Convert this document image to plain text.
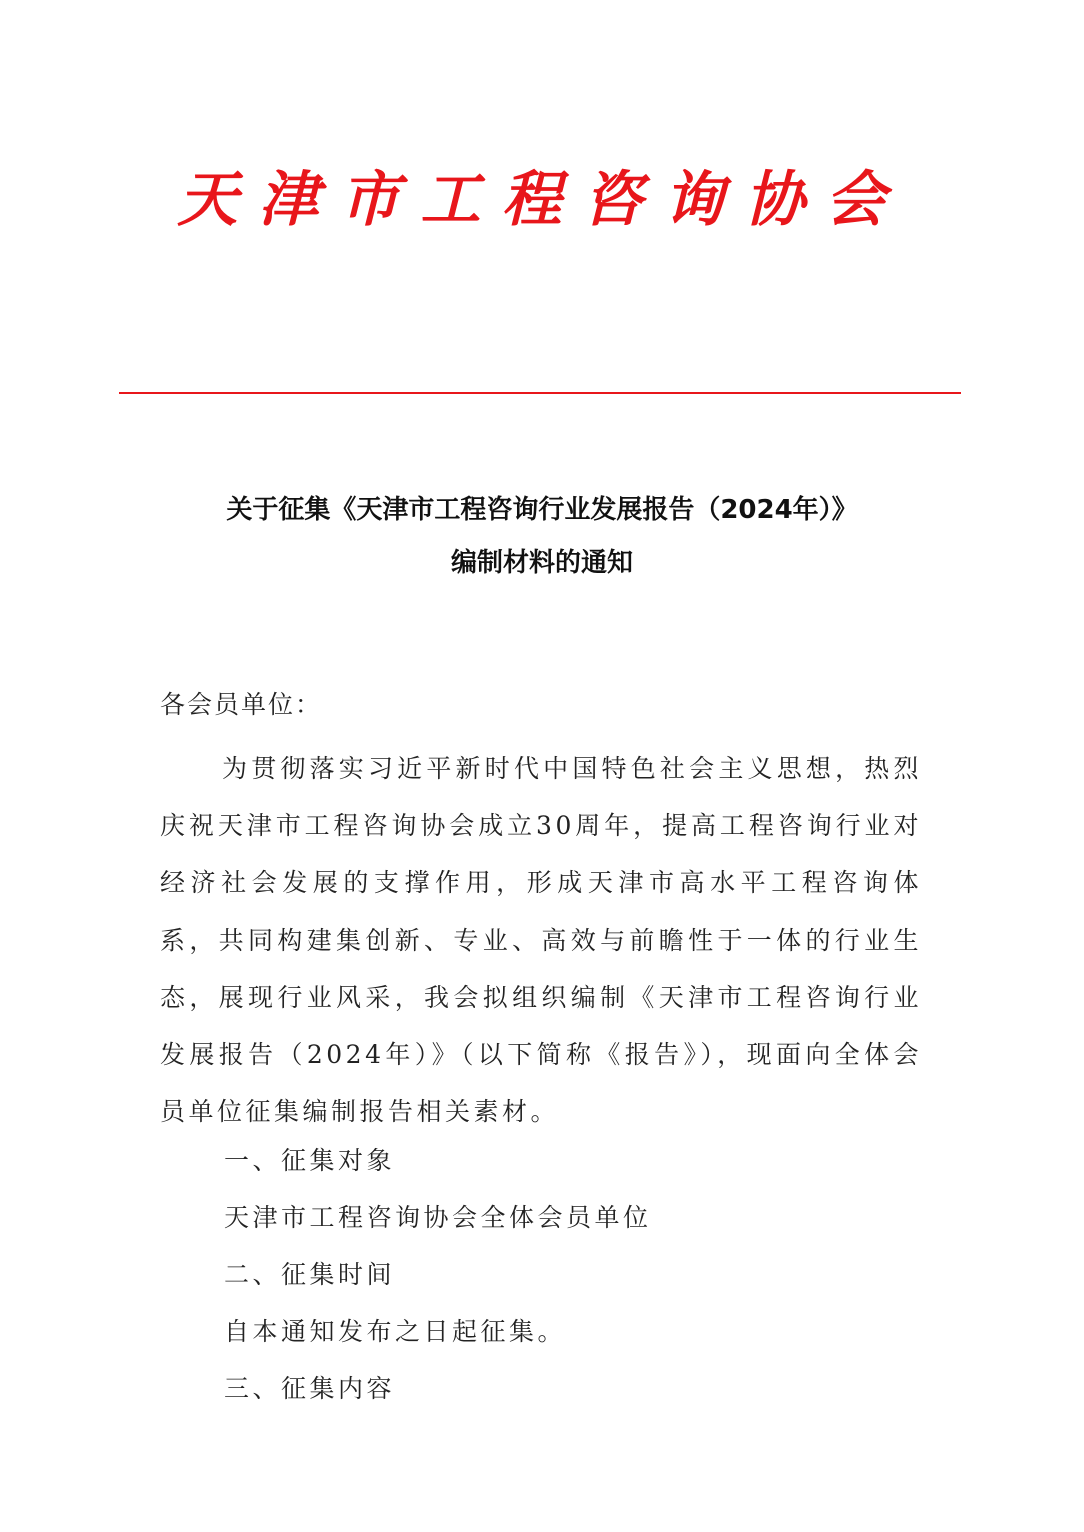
天津市工程咨询协会
关于征集《天津市工程咨询行业发展报告（2024年）》
编制材料的通知
各会员单位：

为贯彻落实习近平新时代中国特色社会主义思想，热烈庆祝天津市工程咨询协会成立30周年，提高工程咨询行业对经济社会发展的支撑作用，形成天津市高水平工程咨询体系，共同构建集创新、专业、高效与前瞻性于一体的行业生态，展现行业风采，我会拟组织编制《天津市工程咨询行业发展报告（2024年）》（以下简称《报告》），现面向全体会员单位征集编制报告相关素材。

一、征集对象
天津市工程咨询协会全体会员单位
二、征集时间
自本通知发布之日起征集。
三、征集内容
